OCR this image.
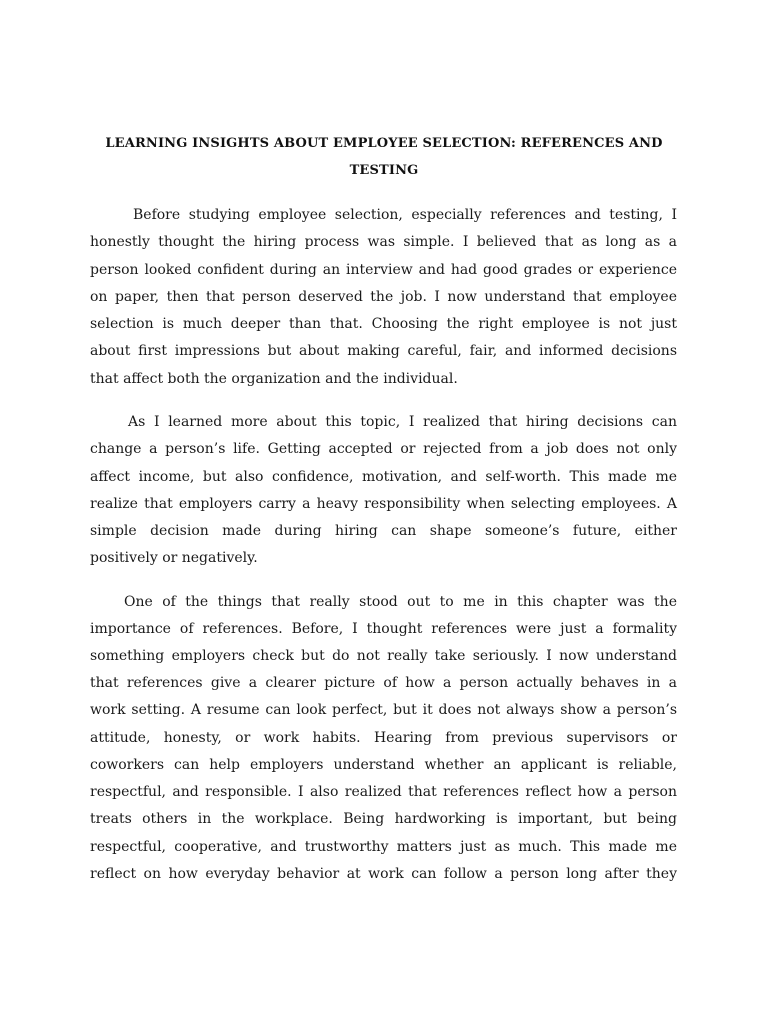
LEARNING INSIGHTS ABOUT EMPLOYEE SELECTION: REFERENCES AND
TESTING
Before studying employee selection, especially references and testing, I
honestly thought the hiring process was simple. I believed that as long as a
person looked confident during an interview and had good grades or experience
on paper, then that person deserved the job. I now understand that employee
selection is much deeper than that. Choosing the right employee is not just
about first impressions but about making careful, fair, and informed decisions
that affect both the organization and the individual.
As I learned more about this topic, I realized that hiring decisions can
change a person’s life. Getting accepted or rejected from a job does not only
affect income, but also confidence, motivation, and self-worth. This made me
realize that employers carry a heavy responsibility when selecting employees. A
simple decision made during hiring can shape someone’s future, either
positively or negatively.
One of the things that really stood out to me in this chapter was the
importance of references. Before, I thought references were just a formality
something employers check but do not really take seriously. I now understand
that references give a clearer picture of how a person actually behaves in a
work setting. A resume can look perfect, but it does not always show a person’s
attitude, honesty, or work habits. Hearing from previous supervisors or
coworkers can help employers understand whether an applicant is reliable,
respectful, and responsible. I also realized that references reflect how a person
treats others in the workplace. Being hardworking is important, but being
respectful, cooperative, and trustworthy matters just as much. This made me
reflect on how everyday behavior at work can follow a person long after they
